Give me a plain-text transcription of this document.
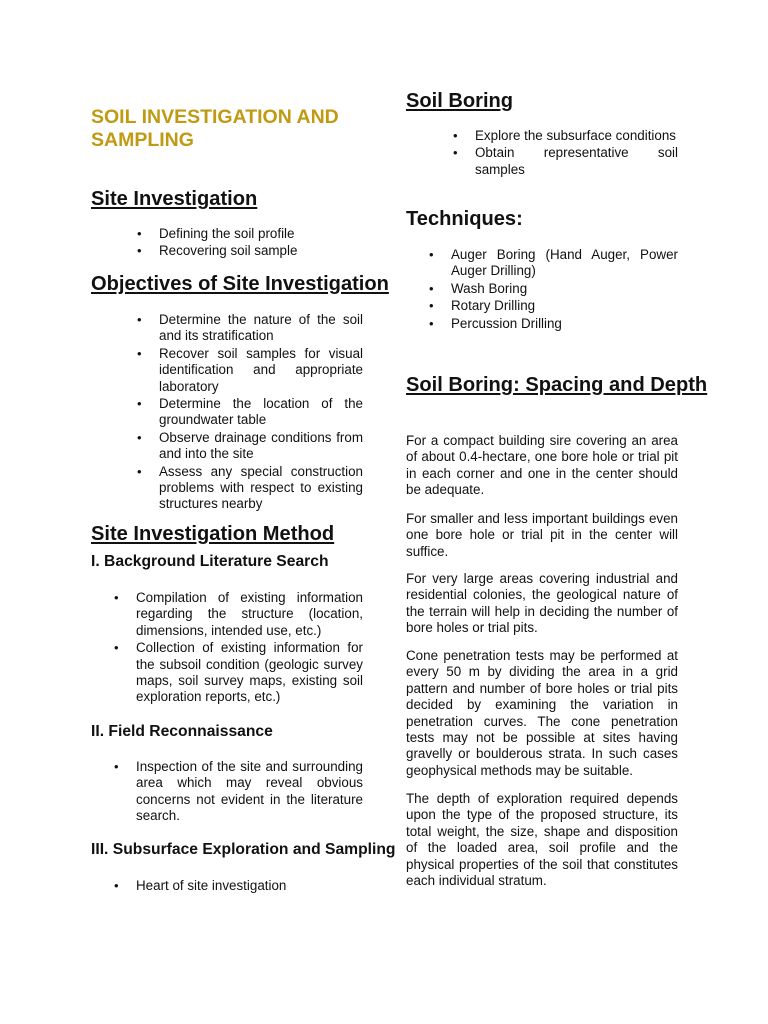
SOIL INVESTIGATION AND SAMPLING
Site Investigation
• Defining the soil profile
• Recovering soil sample
Objectives of Site Investigation
• Determine the nature of the soil and its stratification
• Recover soil samples for visual identification and appropriate laboratory
• Determine the location of the groundwater table
• Observe drainage conditions from and into the site
• Assess any special construction problems with respect to existing structures nearby
Site Investigation Method
I. Background Literature Search
• Compilation of existing information regarding the structure (location, dimensions, intended use, etc.)
• Collection of existing information for the subsoil condition (geologic survey maps, soil survey maps, existing soil exploration reports, etc.)
II. Field Reconnaissance
• Inspection of the site and surrounding area which may reveal obvious concerns not evident in the literature search.
III. Subsurface Exploration and Sampling
• Heart of site investigation
Soil Boring
• Explore the subsurface conditions
• Obtain representative soil samples
Techniques:
• Auger Boring (Hand Auger, Power Auger Drilling)
• Wash Boring
• Rotary Drilling
• Percussion Drilling
Soil Boring: Spacing and Depth

For a compact building sire covering an area of about 0.4-hectare, one bore hole or trial pit in each corner and one in the center should be adequate.

For smaller and less important buildings even one bore hole or trial pit in the center will suffice.

For very large areas covering industrial and residential colonies, the geological nature of the terrain will help in deciding the number of bore holes or trial pits.

Cone penetration tests may be performed at every 50 m by dividing the area in a grid pattern and number of bore holes or trial pits decided by examining the variation in penetration curves. The cone penetration tests may not be possible at sites having gravelly or boulderous strata. In such cases geophysical methods may be suitable.

The depth of exploration required depends upon the type of the proposed structure, its total weight, the size, shape and disposition of the loaded area, soil profile and the physical properties of the soil that constitutes each individual stratum.
